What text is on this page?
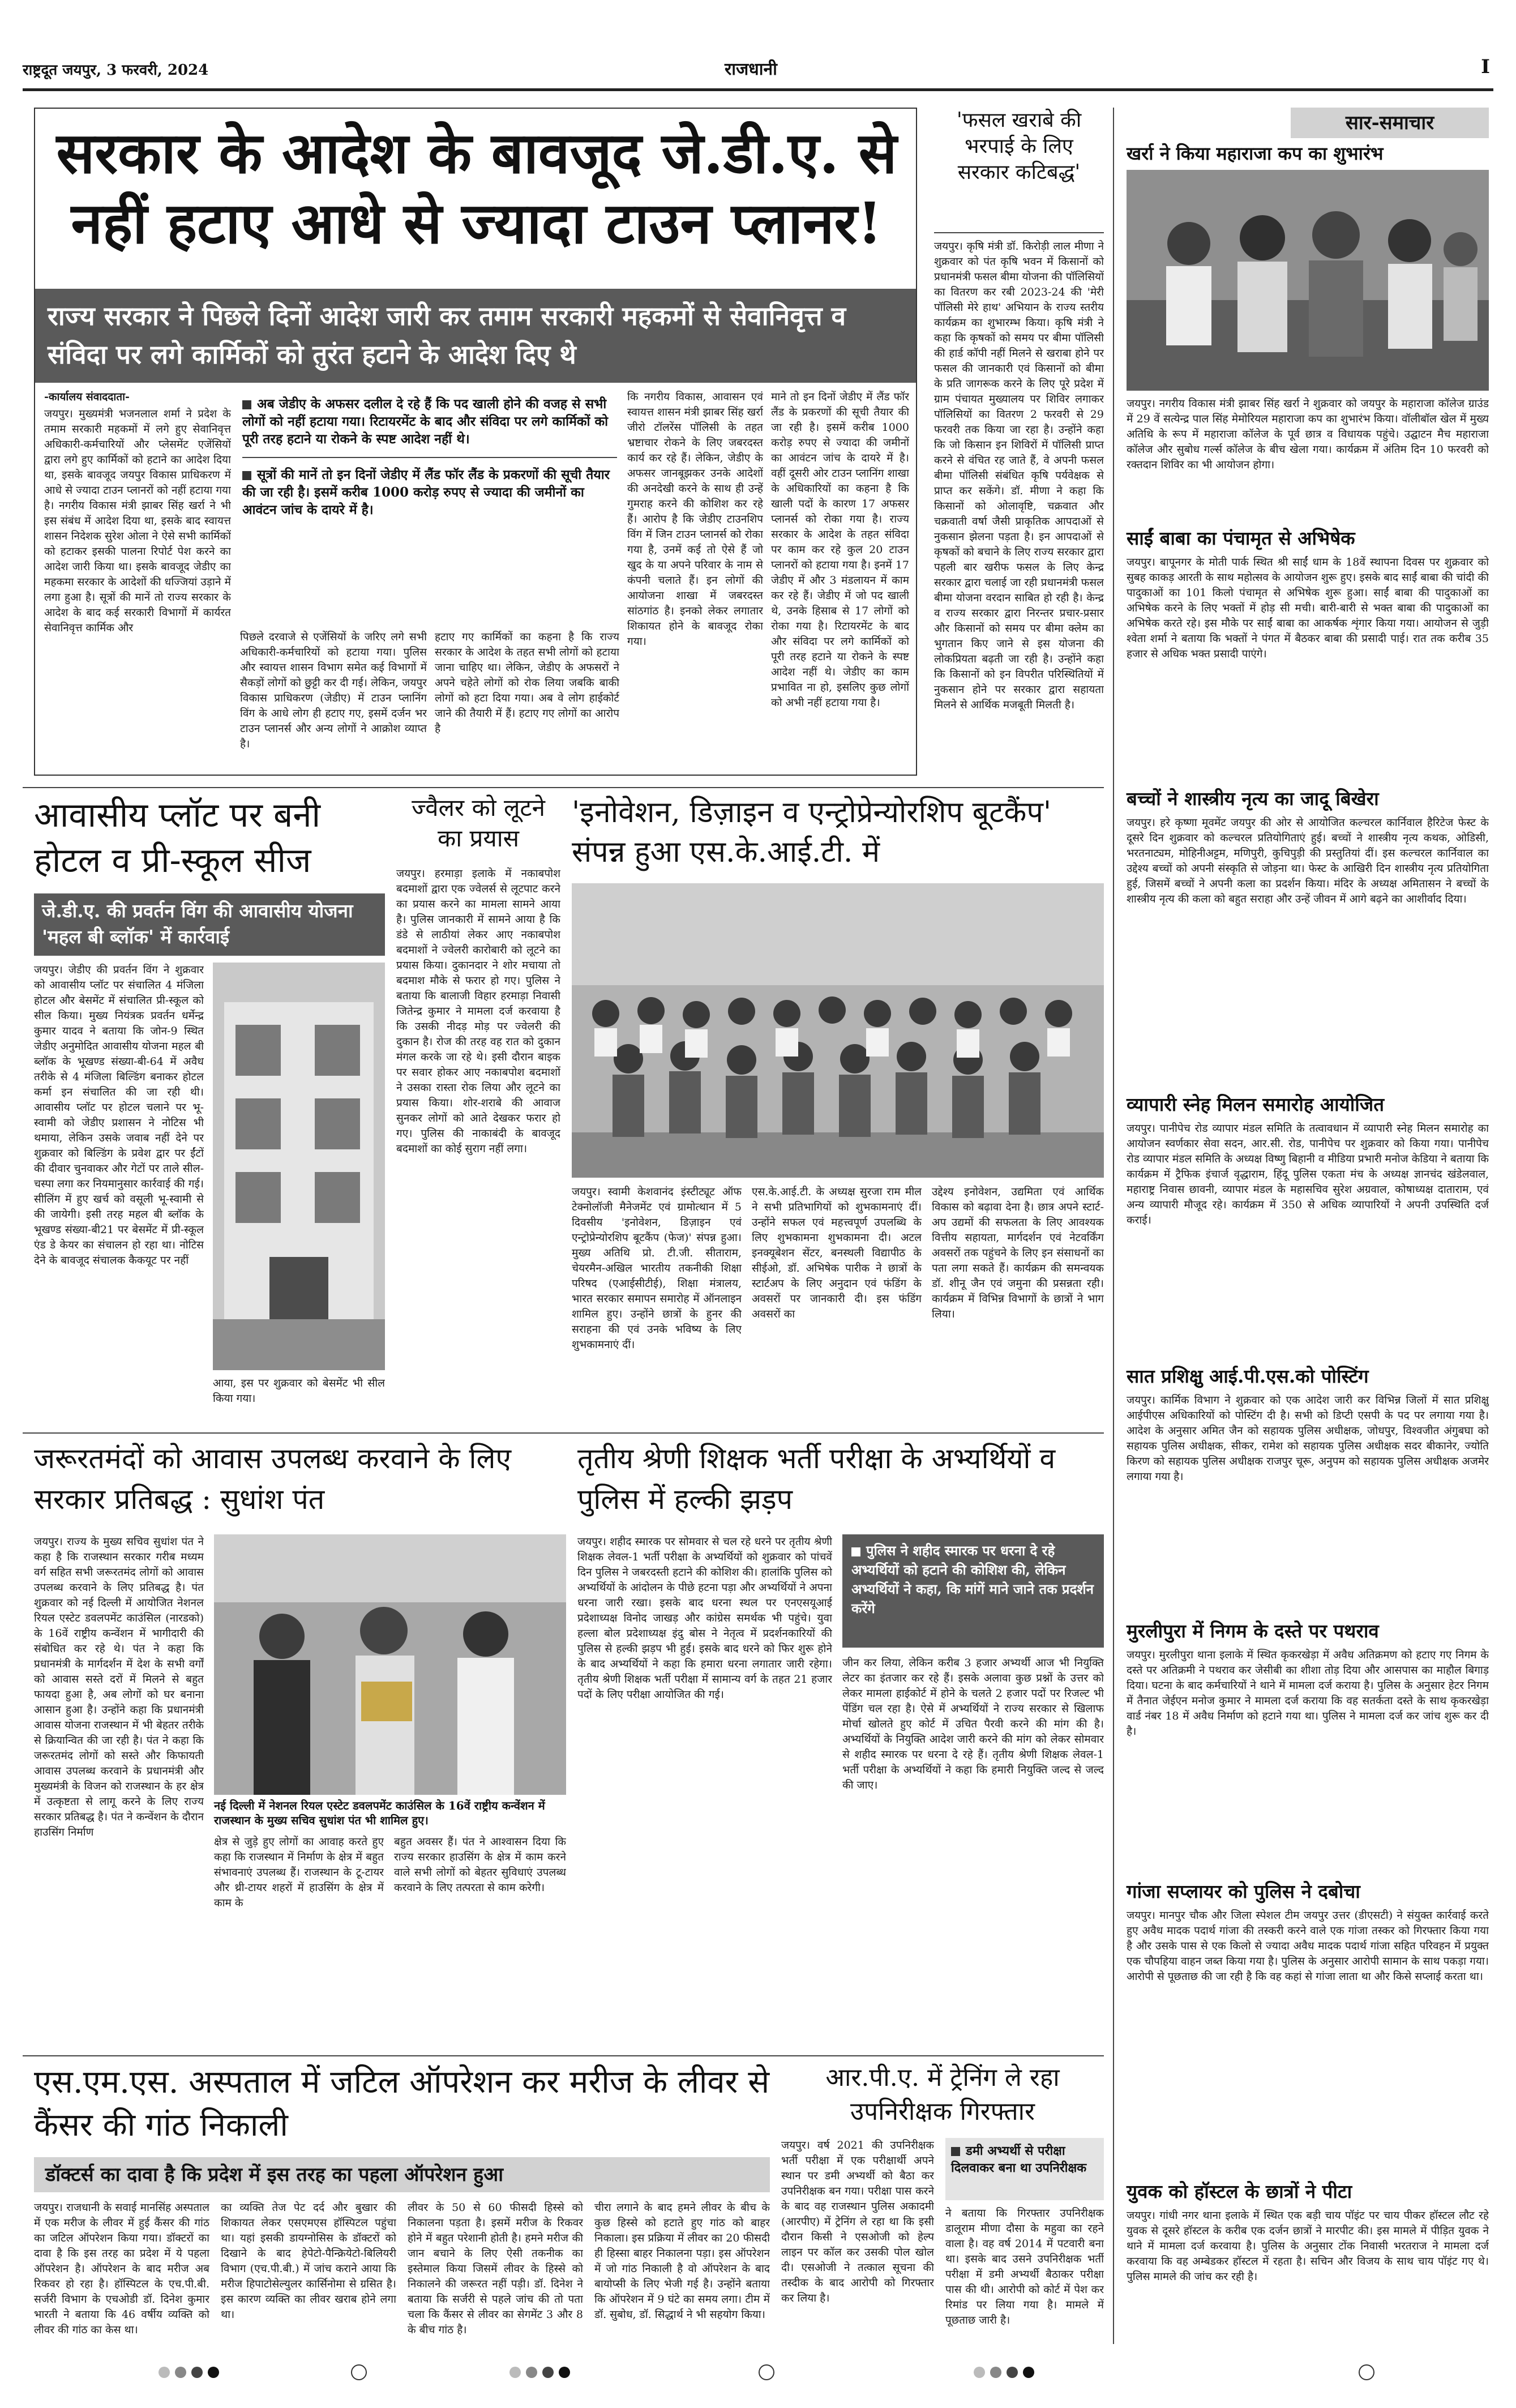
राष्ट्रदूत जयपुर, 3 फरवरी, 2024	राजधानी	I
सरकार के आदेश के बावजूद जे.डी.ए. से
नहीं हटाए आधे से ज्यादा टाउन प्लानर!
राज्य सरकार ने पिछले दिनों आदेश जारी कर तमाम सरकारी महकमों से सेवानिवृत्त व संविदा पर लगे कार्मिकों को तुरंत हटाने के आदेश दिए थे
-कार्यालय संवाददाता-
जयपुर। मुख्यमंत्री भजनलाल शर्मा ने प्रदेश के तमाम सरकारी महकमों में लगे हुए सेवानिवृत्त अधिकारी-कर्मचारियों और प्लेसमेंट एजेंसियों द्वारा लगे हुए कार्मिकों को हटाने का आदेश दिया था, इसके बावजूद जयपुर विकास प्राधिकरण में आधे से ज्यादा टाउन प्लानरों को नहीं हटाया गया है। नगरीय विकास मंत्री झाबर सिंह खर्रा ने भी इस संबंध में आदेश दिया था, इसके बाद स्वायत्त शासन निदेशक सुरेश ओला ने ऐसे सभी कार्मिकों को हटाकर इसकी पालना रिपोर्ट पेश करने का आदेश जारी किया था। इसके बावजूद जेडीए का महकमा सरकार के आदेशों की धज्जियां उड़ाने में लगा हुआ है। सूत्रों की मानें तो राज्य सरकार के आदेश के बाद कई सरकारी विभागों में कार्यरत सेवानिवृत्त कार्मिक और
अब जेडीए के अफसर दलील दे रहे हैं कि पद खाली होने की वजह से सभी लोगों को नहीं हटाया गया। रिटायरमेंट के बाद और संविदा पर लगे कार्मिकों को पूरी तरह हटाने या रोकने के स्पष्ट आदेश नहीं थे।
सूत्रों की मानें तो इन दिनों जेडीए में लैंड फॉर लैंड के प्रकरणों की सूची तैयार की जा रही है। इसमें करीब 1000 करोड़ रुपए से ज्यादा की जमीनों का आवंटन जांच के दायरे में है।
पिछले दरवाजे से एजेंसियों के जरिए लगे सभी अधिकारी-कर्मचारियों को हटाया गया। पुलिस और स्वायत्त शासन विभाग समेत कई विभागों में सैकड़ों लोगों को छुट्टी कर दी गई। लेकिन, जयपुर विकास प्राधिकरण (जेडीए) में टाउन प्लानिंग विंग के आधे लोग ही हटाए गए, इसमें दर्जन भर टाउन प्लानर्स और अन्य लोगों ने आक्रोश व्याप्त है।
हटाए गए कार्मिकों का कहना है कि राज्य सरकार के आदेश के तहत सभी लोगों को हटाया जाना चाहिए था। लेकिन, जेडीए के अफसरों ने अपने चहेते लोगों को रोक लिया जबकि बाकी लोगों को हटा दिया गया। अब वे लोग हाईकोर्ट जाने की तैयारी में हैं। हटाए गए लोगों का आरोप है
कि नगरीय विकास, आवासन एवं स्वायत्त शासन मंत्री झाबर सिंह खर्रा जीरो टॉलरेंस पॉलिसी के तहत भ्रष्टाचार रोकने के लिए जबरदस्त कार्य कर रहे हैं। लेकिन, जेडीए के अफसर जानबूझकर उनके आदेशों की अनदेखी करने के साथ ही उन्हें गुमराह करने की कोशिश कर रहे हैं। आरोप है कि जेडीए टाउनशिप विंग में जिन टाउन प्लानर्स को रोका गया है, उनमें कई तो ऐसे हैं जो खुद के या अपने परिवार के नाम से कंपनी चलाते हैं। इन लोगों की आयोजना शाखा में जबरदस्त सांठगांठ है। इनको लेकर लगातार शिकायत होने के बावजूद रोका गया।
माने तो इन दिनों जेडीए में लैंड फॉर लैंड के प्रकरणों की सूची तैयार की जा रही है। इसमें करीब 1000 करोड़ रुपए से ज्यादा की जमीनों का आवंटन जांच के दायरे में है। वहीं दूसरी ओर टाउन प्लानिंग शाखा के अधिकारियों का कहना है कि खाली पदों के कारण 17 अफसर प्लानर्स को रोका गया है। राज्य सरकार के आदेश के तहत संविदा पर काम कर रहे कुल 20 टाउन प्लानरों को हटाया गया है। इनमें 17 जेडीए में और 3 मंडलायन में काम कर रहे हैं। जेडीए में जो पद खाली थे, उनके हिसाब से 17 लोगों को रोका गया है। रिटायरमेंट के बाद और संविदा पर लगे कार्मिकों को पूरी तरह हटाने या रोकने के स्पष्ट आदेश नहीं थे। जेडीए का काम प्रभावित ना हो, इसलिए कुछ लोगों को अभी नहीं हटाया गया है।
'फसल खराबे की भरपाई के लिए सरकार कटिबद्ध'
जयपुर। कृषि मंत्री डॉ. किरोड़ी लाल मीणा ने शुक्रवार को पंत कृषि भवन में किसानों को प्रधानमंत्री फसल बीमा योजना की पॉलिसियों का वितरण कर रबी 2023-24 की 'मेरी पॉलिसी मेरे हाथ' अभियान के राज्य स्तरीय कार्यक्रम का शुभारम्भ किया। कृषि मंत्री ने कहा कि कृषकों को समय पर बीमा पॉलिसी की हार्ड कॉपी नहीं मिलने से खराबा होने पर फसल की जानकारी एवं किसानों को बीमा के प्रति जागरूक करने के लिए पूरे प्रदेश में ग्राम पंचायत मुख्यालय पर शिविर लगाकर पॉलिसियों का वितरण 2 फरवरी से 29 फरवरी तक किया जा रहा है। उन्होंने कहा कि जो किसान इन शिविरों में पॉलिसी प्राप्त करने से वंचित रह जाते हैं, वे अपनी फसल बीमा पॉलिसी संबंधित कृषि पर्यवेक्षक से प्राप्त कर सकेंगे। डॉ. मीणा ने कहा कि किसानों को ओलावृष्टि, चक्रवात और चक्रवाती वर्षा जैसी प्राकृतिक आपदाओं से नुकसान झेलना पड़ता है। इन आपदाओं से कृषकों को बचाने के लिए राज्य सरकार द्वारा पहली बार खरीफ फसल के लिए केन्द्र सरकार द्वारा चलाई जा रही प्रधानमंत्री फसल बीमा योजना वरदान साबित हो रही है। केन्द्र व राज्य सरकार द्वारा निरन्तर प्रचार-प्रसार और किसानों को समय पर बीमा क्लेम का भुगतान किए जाने से इस योजना की लोकप्रियता बढ़ती जा रही है। उन्होंने कहा कि किसानों को इन विपरीत परिस्थितियों में नुकसान होने पर सरकार द्वारा सहायता मिलने से आर्थिक मजबूती मिलती है।
सार-समाचार
खर्रा ने किया महाराजा कप का शुभारंभ
जयपुर। नगरीय विकास मंत्री झाबर सिंह खर्रा ने शुक्रवार को जयपुर के महाराजा कॉलेज ग्राउंड में 29 वें सत्येन्द्र पाल सिंह मेमोरियल महाराजा कप का शुभारंभ किया। वॉलीबॉल खेल में मुख्य अतिथि के रूप में महाराजा कॉलेज के पूर्व छात्र व विधायक पहुंचे। उद्घाटन मैच महाराजा कॉलेज और सुबोध गर्ल्स कॉलेज के बीच खेला गया। कार्यक्रम में अंतिम दिन 10 फरवरी को रक्तदान शिविर का भी आयोजन होगा।
साईं बाबा का पंचामृत से अभिषेक
जयपुर। बापूनगर के मोती पार्क स्थित श्री साईं धाम के 18वें स्थापना दिवस पर शुक्रवार को सुबह काकड़ आरती के साथ महोत्सव के आयोजन शुरू हुए। इसके बाद साईं बाबा की चांदी की पादुकाओं का 101 किलो पंचामृत से अभिषेक शुरू हुआ। साईं बाबा की पादुकाओं का अभिषेक करने के लिए भक्तों में होड़ सी मची। बारी-बारी से भक्त बाबा की पादुकाओं का अभिषेक करते रहे। इस मौके पर साईं बाबा का आकर्षक शृंगार किया गया। आयोजन से जुड़ी श्वेता शर्मा ने बताया कि भक्तों ने पंगत में बैठकर बाबा की प्रसादी पाई। रात तक करीब 35 हजार से अधिक भक्त प्रसादी पाएंगे।
बच्चों ने शास्त्रीय नृत्य का जादू बिखेरा
जयपुर। हरे कृष्णा मूवमेंट जयपुर की ओर से आयोजित कल्चरल कार्निवाल हैरिटेज फेस्ट के दूसरे दिन शुक्रवार को कल्चरल प्रतियोगिताएं हुई। बच्चों ने शास्त्रीय नृत्य कथक, ओडिसी, भरतनाट्यम, मोहिनीअट्टम, मणिपुरी, कुचिपुड़ी की प्रस्तुतियां दीं। इस कल्चरल कार्निवाल का उद्देश्य बच्चों को अपनी संस्कृति से जोड़ना था। फेस्ट के आखिरी दिन शास्त्रीय नृत्य प्रतियोगिता हुई, जिसमें बच्चों ने अपनी कला का प्रदर्शन किया। मंदिर के अध्यक्ष अमितासन ने बच्चों के शास्त्रीय नृत्य की कला को बहुत सराहा और उन्हें जीवन में आगे बढ़ने का आशीर्वाद दिया।
व्यापारी स्नेह मिलन समारोह आयोजित
जयपुर। पानीपेच रोड व्यापार मंडल समिति के तत्वावधान में व्यापारी स्नेह मिलन समारोह का आयोजन स्वर्णकार सेवा सदन, आर.सी. रोड, पानीपेच पर शुक्रवार को किया गया। पानीपेच रोड व्यापार मंडल समिति के अध्यक्ष विष्णु बिहानी व मीडिया प्रभारी मनोज केडिया ने बताया कि कार्यक्रम में ट्रैफिक इंचार्ज वृद्धाराम, हिंदू पुलिस एकता मंच के अध्यक्ष ज्ञानचंद खंडेलवाल, महाराष्ट्र निवास छावनी, व्यापार मंडल के महासचिव सुरेश अग्रवाल, कोषाध्यक्ष दाताराम, एवं अन्य व्यापारी मौजूद रहे। कार्यक्रम में 350 से अधिक व्यापारियों ने अपनी उपस्थिति दर्ज कराई।
सात प्रशिक्षु आई.पी.एस.को पोस्टिंग
जयपुर। कार्मिक विभाग ने शुक्रवार को एक आदेश जारी कर विभिन्न जिलों में सात प्रशिक्षु आईपीएस अधिकारियों को पोस्टिंग दी है। सभी को डिप्टी एसपी के पद पर लगाया गया है। आदेश के अनुसार अमित जैन को सहायक पुलिस अधीक्षक, जोधपुर, विश्वजीत अंगुबघा को सहायक पुलिस अधीक्षक, सीकर, रामेश को सहायक पुलिस अधीक्षक सदर बीकानेर, ज्योति किरण को सहायक पुलिस अधीक्षक राजपुर चूरू, अनुपम को सहायक पुलिस अधीक्षक अजमेर लगाया गया है।
मुरलीपुरा में निगम के दस्ते पर पथराव
जयपुर। मुरलीपुरा थाना इलाके में स्थित कृकरखेड़ा में अवैध अतिक्रमण को हटाए गए निगम के दस्ते पर अतिक्रमी ने पथराव कर जेसीबी का शीशा तोड़ दिया और आसपास का माहौल बिगाड़ दिया। घटना के बाद कर्मचारियों ने थाने में मामला दर्ज कराया है। पुलिस के अनुसार हेटर निगम में तैनात जेईएन मनोज कुमार ने मामला दर्ज कराया कि वह सतर्कता दस्ते के साथ कृकरखेड़ा वार्ड नंबर 18 में अवैध निर्माण को हटाने गया था। पुलिस ने मामला दर्ज कर जांच शुरू कर दी है।
गांजा सप्लायर को पुलिस ने दबोचा
जयपुर। मानपुर चौक और जिला स्पेशल टीम जयपुर उत्तर (डीएसटी) ने संयुक्त कार्रवाई करते हुए अवैध मादक पदार्थ गांजा की तस्करी करने वाले एक गांजा तस्कर को गिरफ्तार किया गया है और उसके पास से एक किलो से ज्यादा अवैध मादक पदार्थ गांजा सहित परिवहन में प्रयुक्त एक चौपहिया वाहन जब्त किया गया है। पुलिस के अनुसार आरोपी सामान के साथ पकड़ा गया। आरोपी से पूछताछ की जा रही है कि वह कहां से गांजा लाता था और किसे सप्लाई करता था।
युवक को हॉस्टल के छात्रों ने पीटा
जयपुर। गांधी नगर थाना इलाके में स्थित एक बड़ी चाय पॉइंट पर चाय पीकर हॉस्टल लौट रहे युवक से दूसरे हॉस्टल के करीब एक दर्जन छात्रों ने मारपीट की। इस मामले में पीड़ित युवक ने थाने में मामला दर्ज करवाया है। पुलिस के अनुसार टोंक निवासी भरतराज ने मामला दर्ज करवाया कि वह अम्बेडकर हॉस्टल में रहता है। सचिन और विजय के साथ चाय पॉइंट गए थे। पुलिस मामले की जांच कर रही है।
आवासीय प्लॉट पर बनी होटल व प्री-स्कूल सीज
जे.डी.ए. की प्रवर्तन विंग की आवासीय योजना 'महल बी ब्लॉक' में कार्रवाई
जयपुर। जेडीए की प्रवर्तन विंग ने शुक्रवार को आवासीय प्लॉट पर संचालित 4 मंजिला होटल और बेसमेंट में संचालित प्री-स्कूल को सील किया। मुख्य नियंत्रक प्रवर्तन धर्मेन्द्र कुमार यादव ने बताया कि जोन-9 स्थित जेडीए अनुमोदित आवासीय योजना महल बी ब्लॉक के भूखण्ड संख्या-बी-64 में अवैध तरीके से 4 मंजिला बिल्डिंग बनाकर होटल कर्मा इन संचालित की जा रही थी। आवासीय प्लॉट पर होटल चलाने पर भू-स्वामी को जेडीए प्रशासन ने नोटिस भी थमाया, लेकिन उसके जवाब नहीं देने पर शुक्रवार को बिल्डिंग के प्रवेश द्वार पर ईंटों की दीवार चुनवाकर और गेटों पर ताले सील-चस्पा लगा कर नियमानुसार कार्रवाई की गई। सीलिंग में हुए खर्च को वसूली भू-स्वामी से की जायेगी। इसी तरह महल बी ब्लॉक के भूखण्ड संख्या-बी21 पर बेसमेंट में प्री-स्कूल एंड डे केयर का संचालन हो रहा था। नोटिस देने के बावजूद संचालक कैकयूट पर नहीं
आया, इस पर शुक्रवार को बेसमेंट भी सील किया गया।
ज्वैलर को लूटने का प्रयास
जयपुर। हरमाड़ा इलाके में नकाबपोश बदमाशों द्वारा एक ज्वेलर्स से लूटपाट करने का प्रयास करने का मामला सामने आया है। पुलिस जानकारी में सामने आया है कि डंडे से लाठीयां लेकर आए नकाबपोश बदमाशों ने ज्वेलरी कारोबारी को लूटने का प्रयास किया। दुकानदार ने शोर मचाया तो बदमाश मौके से फरार हो गए। पुलिस ने बताया कि बालाजी विहार हरमाड़ा निवासी जितेन्द्र कुमार ने मामला दर्ज करवाया है कि उसकी नीदड़ मोड़ पर ज्वेलरी की दुकान है। रोज की तरह वह रात को दुकान मंगल करके जा रहे थे। इसी दौरान बाइक पर सवार होकर आए नकाबपोश बदमाशों ने उसका रास्ता रोक लिया और लूटने का प्रयास किया। शोर-शराबे की आवाज सुनकर लोगों को आते देखकर फरार हो गए। पुलिस की नाकाबंदी के बावजूद बदमाशों का कोई सुराग नहीं लगा।
'इनोवेशन, डिज़ाइन व एन्ट्रोप्रेन्योरशिप बूटकैंप' संपन्न हुआ एस.के.आई.टी. में
जयपुर। स्वामी केशवानंद इंस्टीट्यूट ऑफ टेक्नोलॉजी मैनेजमेंट एवं ग्रामोत्थान में 5 दिवसीय 'इनोवेशन, डिज़ाइन एवं एन्ट्रोप्रेन्योरशिप बूटकैंप (फेज)' संपन्न हुआ। मुख्य अतिथि प्रो. टी.जी. सीताराम, चेयरमैन-अखिल भारतीय तकनीकी शिक्षा परिषद (एआईसीटीई), शिक्षा मंत्रालय, भारत सरकार समापन समारोह में ऑनलाइन शामिल हुए। उन्होंने छात्रों के हुनर की सराहना की एवं उनके भविष्य के लिए शुभकामनाएं दीं।
एस.के.आई.टी. के अध्यक्ष सुरजा राम मील ने सभी प्रतिभागियों को शुभकामनाएं दीं। उन्होंने सफल एवं महत्त्वपूर्ण उपलब्धि के लिए शुभकामना शुभकामना दी। अटल इनक्यूबेशन सेंटर, बनस्थली विद्यापीठ के सीईओ, डॉ. अभिषेक पारीक ने छात्रों के स्टार्टअप के लिए अनुदान एवं फंडिंग के अवसरों पर जानकारी दी। इस फंडिंग अवसरों का
उद्देश्य इनोवेशन, उद्यमिता एवं आर्थिक विकास को बढ़ावा देना है। छात्र अपने स्टार्ट-अप उद्यमों की सफलता के लिए आवश्यक वित्तीय सहायता, मार्गदर्शन एवं नेटवर्किंग अवसरों तक पहुंचने के लिए इन संसाधनों का पता लगा सकते हैं। कार्यक्रम की समन्वयक डॉ. शीनू जैन एवं जमुना की प्रसन्नता रही। कार्यक्रम में विभिन्न विभागों के छात्रों ने भाग लिया।
जरूरतमंदों को आवास उपलब्ध करवाने के लिए सरकार प्रतिबद्ध : सुधांश पंत
जयपुर। राज्य के मुख्य सचिव सुधांश पंत ने कहा है कि राजस्थान सरकार गरीब मध्यम वर्ग सहित सभी जरूरतमंद लोगों को आवास उपलब्ध करवाने के लिए प्रतिबद्ध है। पंत शुक्रवार को नई दिल्ली में आयोजित नेशनल रियल एस्टेट डवलपमेंट काउंसिल (नारडको) के 16वें राष्ट्रीय कन्वेंशन में भागीदारी की संबोधित कर रहे थे। पंत ने कहा कि प्रधानमंत्री के मार्गदर्शन में देश के सभी वर्गों को आवास सस्ते दरों में मिलने से बहुत फायदा हुआ है, अब लोगों को घर बनाना आसान हुआ है। उन्होंने कहा कि प्रधानमंत्री आवास योजना राजस्थान में भी बेहतर तरीके से क्रियान्वित की जा रही है। पंत ने कहा कि जरूरतमंद लोगों को सस्ते और किफायती आवास उपलब्ध करवाने के प्रधानमंत्री और मुख्यमंत्री के विजन को राजस्थान के हर क्षेत्र में उत्कृष्टता से लागू करने के लिए राज्य सरकार प्रतिबद्ध है। पंत ने कन्वेंशन के दौरान हाउसिंग निर्माण
नई दिल्ली में नेशनल रियल एस्टेट डवलपमेंट काउंसिल के 16वें राष्ट्रीय कन्वेंशन में राजस्थान के मुख्य सचिव सुधांश पंत भी शामिल हुए।
क्षेत्र से जुड़े हुए लोगों का आवाह करते हुए कहा कि राजस्थान में निर्माण के क्षेत्र में बहुत संभावनाएं उपलब्ध हैं। राजस्थान के टू-टायर और थ्री-टायर शहरों में हाउसिंग के क्षेत्र में काम के
बहुत अवसर हैं। पंत ने आश्वासन दिया कि राज्य सरकार हाउसिंग के क्षेत्र में काम करने वाले सभी लोगों को बेहतर सुविधाएं उपलब्ध करवाने के लिए तत्परता से काम करेगी।
तृतीय श्रेणी शिक्षक भर्ती परीक्षा के अभ्यर्थियों व पुलिस में हल्की झड़प
जयपुर। शहीद स्मारक पर सोमवार से चल रहे धरने पर तृतीय श्रेणी शिक्षक लेवल-1 भर्ती परीक्षा के अभ्यर्थियों को शुक्रवार को पांचवें दिन पुलिस ने जबरदस्ती हटाने की कोशिश की। हालांकि पुलिस को अभ्यर्थियों के आंदोलन के पीछे हटना पड़ा और अभ्यर्थियों ने अपना धरना जारी रखा। इसके बाद धरना स्थल पर एनएसयूआई प्रदेशाध्यक्ष विनोद जाखड़ और कांग्रेस समर्थक भी पहुंचे। युवा हल्ला बोल प्रदेशाध्यक्ष इंदु बोस ने नेतृत्व में प्रदर्शनकारियों की पुलिस से हल्की झड़प भी हुई। इसके बाद धरने को फिर शुरू होने के बाद अभ्यर्थियों ने कहा कि हमारा धरना लगातार जारी रहेगा। तृतीय श्रेणी शिक्षक भर्ती परीक्षा में सामान्य वर्ग के तहत 21 हजार पदों के लिए परीक्षा आयोजित की गई।
पुलिस ने शहीद स्मारक पर धरना दे रहे अभ्यर्थियों को हटाने की कोशिश की, लेकिन अभ्यर्थियों ने कहा, कि मांगें माने जाने तक प्रदर्शन करेंगे
जीन कर लिया, लेकिन करीब 3 हजार अभ्यर्थी आज भी नियुक्ति लेटर का इंतजार कर रहे हैं। इसके अलावा कुछ प्रश्नों के उत्तर को लेकर मामला हाईकोर्ट में होने के चलते 2 हजार पदों पर रिजल्ट भी पेंडिंग चल रहा है। ऐसे में अभ्यर्थियों ने राज्य सरकार से खिलाफ मोर्चा खोलते हुए कोर्ट में उचित पैरवी करने की मांग की है। अभ्यर्थियों के नियुक्ति आदेश जारी करने की मांग को लेकर सोमवार से शहीद स्मारक पर धरना दे रहे हैं। तृतीय श्रेणी शिक्षक लेवल-1 भर्ती परीक्षा के अभ्यर्थियों ने कहा कि हमारी नियुक्ति जल्द से जल्द की जाए।
एस.एम.एस. अस्पताल में जटिल ऑपरेशन कर मरीज के लीवर से कैंसर की गांठ निकाली
डॉक्टर्स का दावा है कि प्रदेश में इस तरह का पहला ऑपरेशन हुआ
जयपुर। राजधानी के सवाई मानसिंह अस्पताल में एक मरीज के लीवर में हुई कैंसर की गांठ का जटिल ऑपरेशन किया गया। डॉक्टरों का दावा है कि इस तरह का प्रदेश में ये पहला ऑपरेशन है। ऑपरेशन के बाद मरीज अब रिकवर हो रहा है। हॉस्पिटल के एच.पी.बी. सर्जरी विभाग के एचओडी डॉ. दिनेश कुमार भारती ने बताया कि 46 वर्षीय व्यक्ति को लीवर की गांठ का केस था।
का व्यक्ति तेज पेट दर्द और बुखार की शिकायत लेकर एसएमएस हॉस्पिटल पहुंचा था। यहां इसकी डायग्नोसिस के डॉक्टरों को दिखाने के बाद हेपेटो-पैन्क्रियेटो-बिलियरी विभाग (एच.पी.बी.) में जांच कराने आया कि मरीज हिपाटोसेल्युलर कार्सिनोमा से ग्रसित है। इस कारण व्यक्ति का लीवर खराब होने लगा था।
लीवर के 50 से 60 फीसदी हिस्से को निकालना पड़ता है। इसमें मरीज के रिकवर होने में बहुत परेशानी होती है। हमने मरीज की जान बचाने के लिए ऐसी तकनीक का इस्तेमाल किया जिसमें लीवर के हिस्से को निकालने की जरूरत नहीं पड़ी। डॉ. दिनेश ने बताया कि सर्जरी से पहले जांच की तो पता चला कि कैंसर से लीवर का सेगमेंट 3 और 8 के बीच गांठ है।
चीरा लगाने के बाद हमने लीवर के बीच के कुछ हिस्से को हटाते हुए गांठ को बाहर निकाला। इस प्रक्रिया में लीवर का 20 फीसदी ही हिस्सा बाहर निकालना पड़ा। इस ऑपरेशन में जो गांठ निकाली है वो ऑपरेशन के बाद बायोप्सी के लिए भेजी गई है। उन्होंने बताया कि ऑपरेशन में 9 घंटे का समय लगा। टीम में डॉ. सुबोध, डॉ. सिद्धार्थ ने भी सहयोग किया।
आर.पी.ए. में ट्रेनिंग ले रहा उपनिरीक्षक गिरफ्तार
जयपुर। वर्ष 2021 की उपनिरीक्षक भर्ती परीक्षा में एक परीक्षार्थी अपने स्थान पर डमी अभ्यर्थी को बैठा कर उपनिरीक्षक बन गया। परीक्षा पास करने के बाद वह राजस्थान पुलिस अकादमी (आरपीए) में ट्रेनिंग ले रहा था कि इसी दौरान किसी ने एसओजी को हेल्प लाइन पर कॉल कर उसकी पोल खोल दी। एसओजी ने तत्काल सूचना की तस्दीक के बाद आरोपी को गिरफ्तार कर लिया है।
डमी अभ्यर्थी से परीक्षा दिलवाकर बना था उपनिरीक्षक
ने बताया कि गिरफ्तार उपनिरीक्षक डालूराम मीणा दौसा के महुवा का रहने वाला है। वह वर्ष 2014 में पटवारी बना था। इसके बाद उसने उपनिरीक्षक भर्ती परीक्षा में डमी अभ्यर्थी बैठाकर परीक्षा पास की थी। आरोपी को कोर्ट में पेश कर रिमांड पर लिया गया है। मामले में पूछताछ जारी है।
